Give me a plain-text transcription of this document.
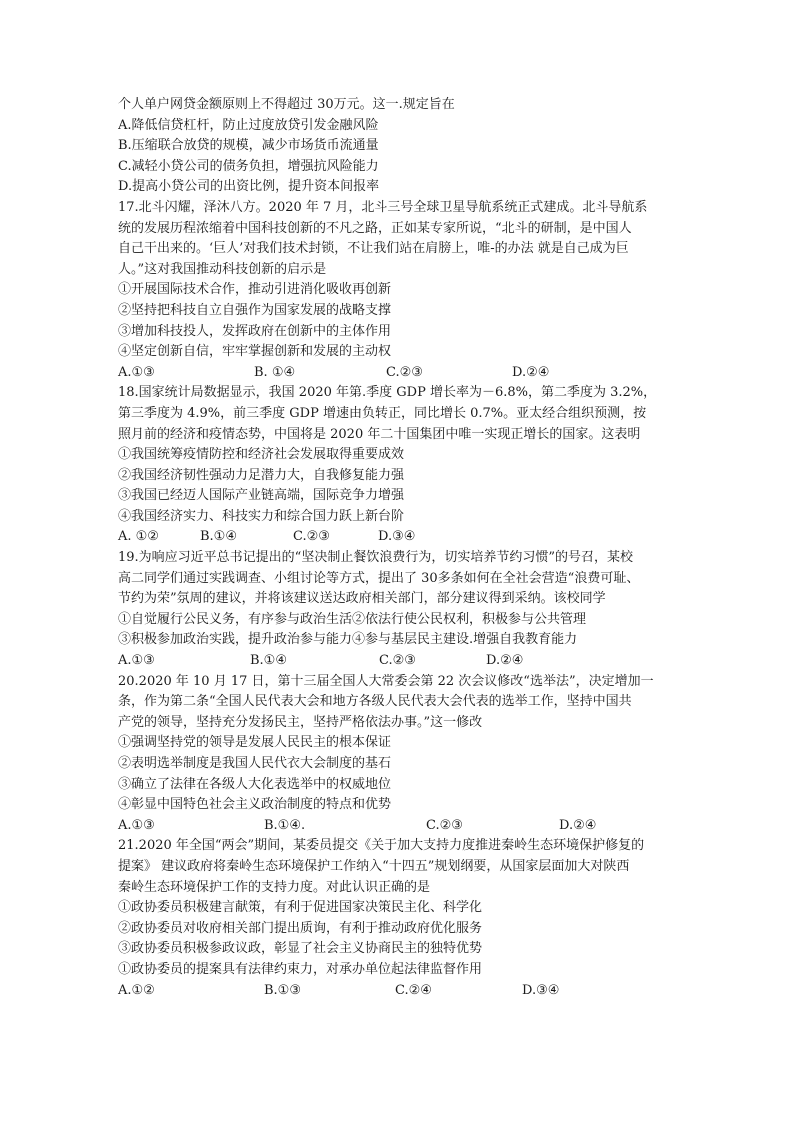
个人单户网贷金额原则上不得超过 30万元。这一.规定旨在
A.降低信贷杠杆，防止过度放贷引发金融风险
B.压缩联合放贷的规模，减少市场货币流通量
C.减轻小贷公司的债务负担，增强抗风险能力
D.提高小贷公司的出资比例，提升资本间报率
17.北斗闪耀，泽沐八方。2020 年 7 月，北斗三号全球卫星导航系统正式建成。北斗导航系
统的发展历程浓缩着中国科技创新的不凡之路，正如某专家所说，“北斗的研制，是中国人
自己干出来的。‘巨人’对我们技术封锁，不让我们站在肩膀上，唯-的办法 就是自己成为巨
人。”这对我国推动科技创新的启示是
①开展国际技术合作，推动引进消化吸收再创新
②坚持把科技自立自强作为国家发展的战略支撑
③增加科技投人，发挥政府在创新中的主体作用
④坚定创新自信，牢牢掌握创新和发展的主动权
A.①③	B. ①④	C.②③	D.②④
18.国家统计局数据显示，我国 2020 年第.季度 GDP 增长率为－6.8%，第二季度为 3.2%，
第三季度为 4.9%，前三季度 GDP 增速由负转正，同比增长 0.7%。亚太经合组织预测，按
照月前的经济和疫情态势，中国将是 2020 年二十国集团中唯一实现正增长的国家。这表明
①我国统筹疫情防控和经济社会发展取得重要成效
②我国经济韧性强动力足潜力大，自我修复能力强
③我国已经迈人国际产业链高端，国际竞争力增强
④我国经济实力、科技实力和综合国力跃上新台阶
A. ①②	B.①④	C.②③	D.③④
19.为响应习近平总书记提出的“坚决制止餐饮浪费行为，切实培养节约习惯”的号召，某校
高二同学们通过实践调查、小组讨论等方式，提出了 30多条如何在全社会营造“浪费可耻、
节约为荣”氛周的建议，并将该建议送达政府相关部门，部分建议得到采纳。该校同学
①自觉履行公民义务，有序参与政治生活②依法行使公民权利，积极参与公共管理
③积极参加政治实践，提升政治参与能力④参与基层民主建设.增强自我教育能力
A.①③	B.①④	C.②③	D.②④
20.2020 年 10 月 17 日，第十三届全国人大常委会第 22 次会议修改“选举法”，决定增加一
条，作为第二条“全国人民代表大会和地方各级人民代表大会代表的选举工作，坚持中国共
产党的领导，坚持充分发扬民主，坚持严格依法办事。”这一修改
①强调坚持党的领导是发展人民民主的根本保证
②表明选举制度是我国人民代衣大会制度的基石
③确立了法律在各级人大化表选举中的权威地位
④彰显中国特色社会主义政治制度的特点和优势
A.①③	B.①④.	C.②③	D.②④
21.2020 年全国“两会”期间，某委员提交《关于加大支持力度推进秦岭生态环境保护修复的
提案》 建议政府将秦岭生态环境保护工作纳入“十四五”规划纲要，从国家层面加大对陕西
秦岭生态环境保护工作的支持力度。对此认识正确的是
①政协委员积极建言献策，有利于促进国家决策民主化、科学化
②政协委员对收府相关部门提出质询，有利于推动政府优化服务
③政协委员积极参政议政，彰显了社会主义协商民主的独特优势
①政协委员的提案具有法律约束力，对承办单位起法律监督作用
A.①②	B.①③	C.②④	D.③④
